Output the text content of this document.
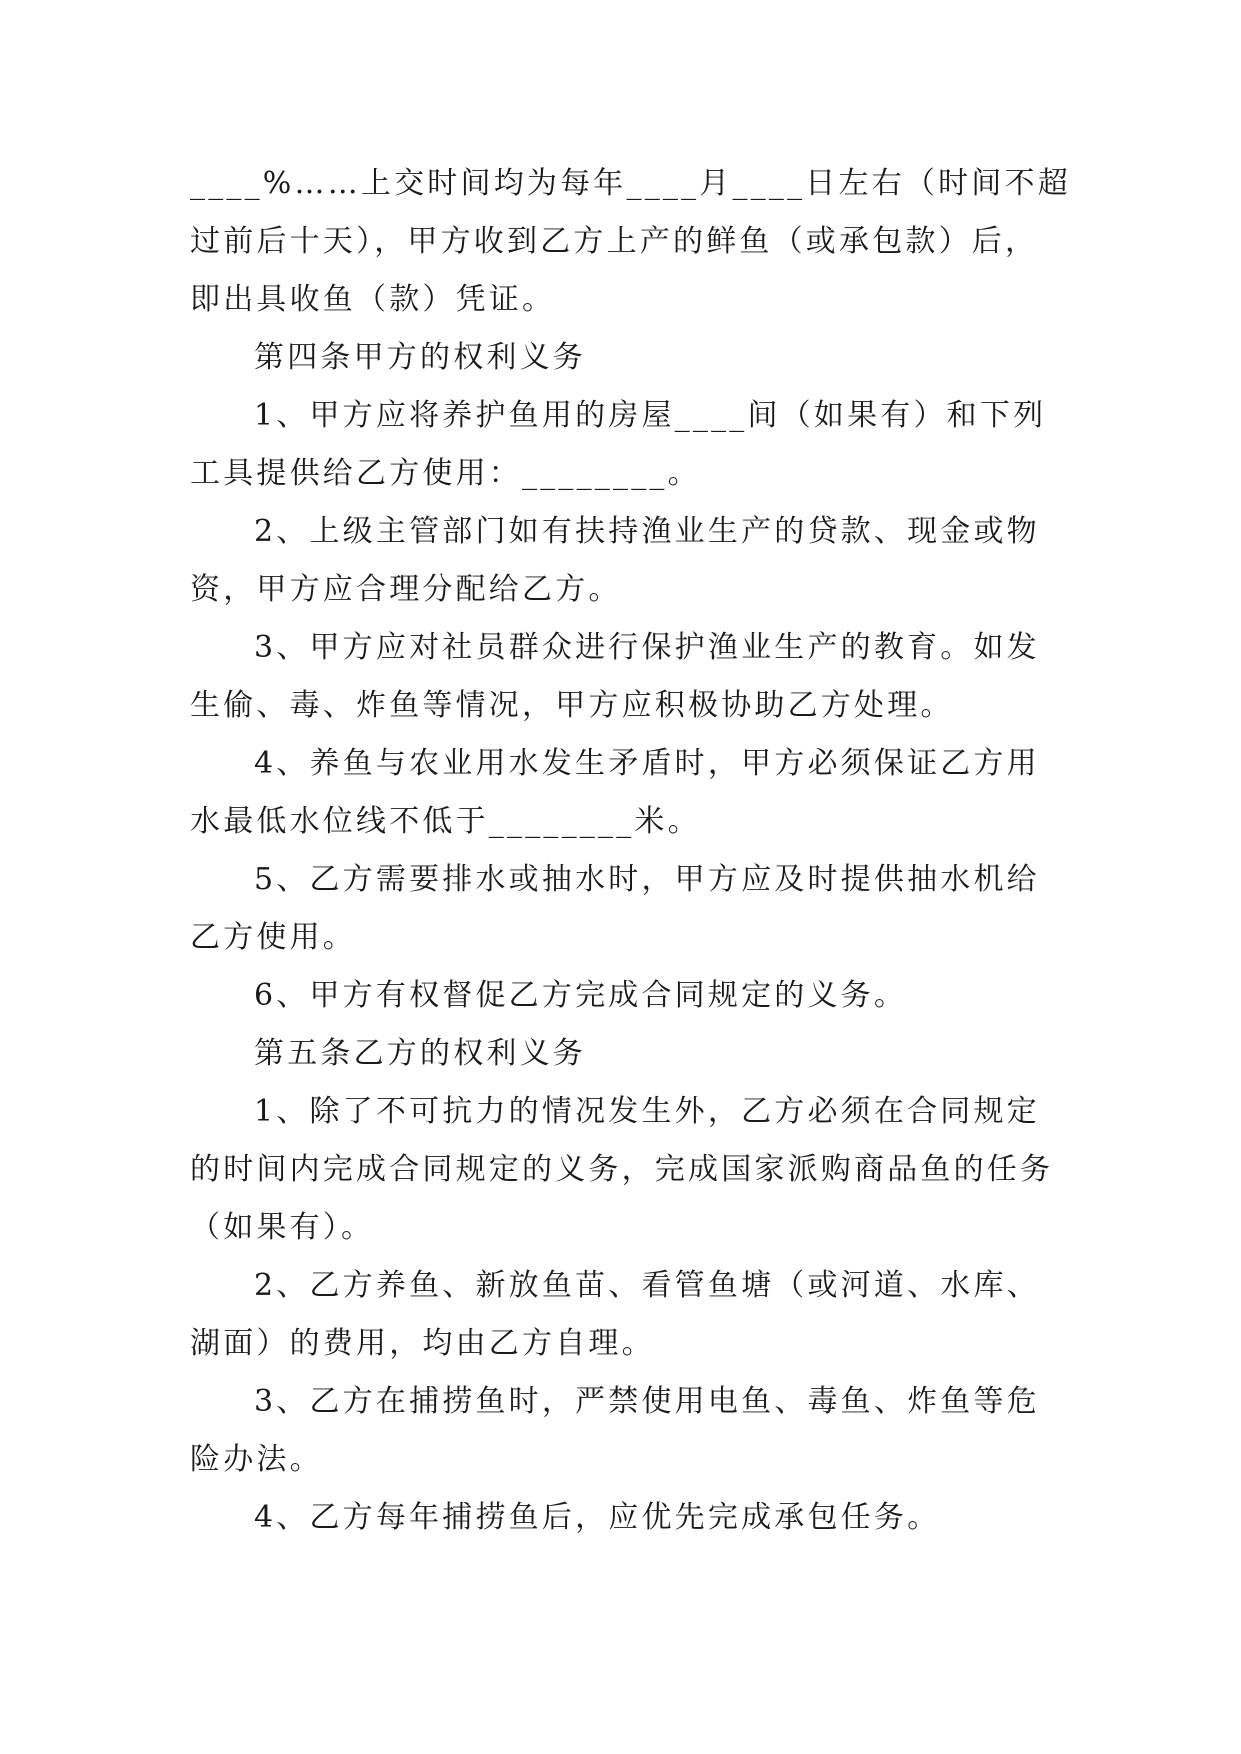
____%……上交时间均为每年____月____日左右（时间不超
过前后十天），甲方收到乙方上产的鲜鱼（或承包款）后，
即出具收鱼（款）凭证。
第四条甲方的权利义务
1、甲方应将养护鱼用的房屋____间（如果有）和下列
工具提供给乙方使用：________。
2、上级主管部门如有扶持渔业生产的贷款、现金或物
资，甲方应合理分配给乙方。
3、甲方应对社员群众进行保护渔业生产的教育。如发
生偷、毒、炸鱼等情况，甲方应积极协助乙方处理。
4、养鱼与农业用水发生矛盾时，甲方必须保证乙方用
水最低水位线不低于________米。
5、乙方需要排水或抽水时，甲方应及时提供抽水机给
乙方使用。
6、甲方有权督促乙方完成合同规定的义务。
第五条乙方的权利义务
1、除了不可抗力的情况发生外，乙方必须在合同规定
的时间内完成合同规定的义务，完成国家派购商品鱼的任务
（如果有）。
2、乙方养鱼、新放鱼苗、看管鱼塘（或河道、水库、
湖面）的费用，均由乙方自理。
3、乙方在捕捞鱼时，严禁使用电鱼、毒鱼、炸鱼等危
险办法。
4、乙方每年捕捞鱼后，应优先完成承包任务。
